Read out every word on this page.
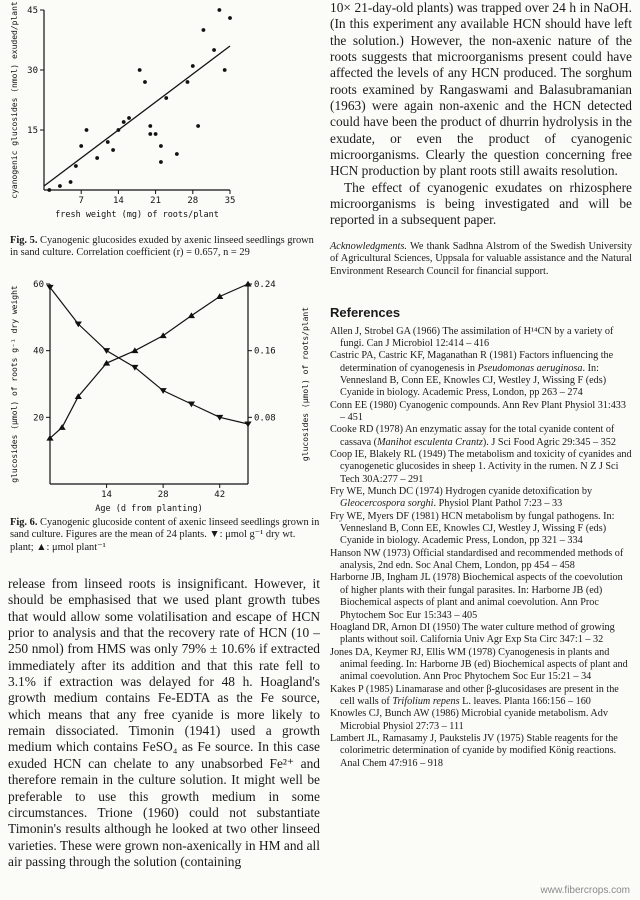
7	14	21	28	35
15
30
45
fresh weight (mg) of roots/plant
cyanogenic glucosides (nmol) exuded/plant

Fig. 5. Cyanogenic glucosides exuded by axenic linseed seedlings grown in sand culture. Correlation coefficient (r) = 0.657, n = 29

14	28	42
20
40
60
0.08
0.16
0.24
Age (d from planting)
glucosides (μmol) of roots g⁻¹ dry weight	glucosides (μmol) of roots/plant

Fig. 6. Cyanogenic glucoside content of axenic linseed seedlings grown in sand culture. Figures are the mean of 24 plants. ▼: μmol g⁻¹ dry wt. plant; ▲: μmol plant⁻¹

release from linseed roots is insignificant. However, it should be emphasised that we used plant growth tubes that would allow some volatilisation and escape of HCN prior to analysis and that the recovery rate of HCN (10 – 250 nmol) from HMS was only 79% ± 10.6% if extracted immediately after its addition and that this rate fell to 3.1% if extraction was delayed for 48 h. Hoagland's growth medium contains Fe-EDTA as the Fe source, which means that any free cyanide is more likely to remain dissociated. Timonin (1941) used a growth medium which contains FeSO₄ as Fe source. In this case exuded HCN can chelate to any unabsorbed Fe²⁺ and therefore remain in the culture solution. It might well be preferable to use this growth medium in some circumstances. Trione (1960) could not substantiate Timonin's results although he looked at two other linseed varieties. These were grown non-axenically in HM and all air passing through the solution (containing

10× 21-day-old plants) was trapped over 24 h in NaOH. (In this experiment any available HCN should have left the solution.) However, the non-axenic nature of the roots suggests that microorganisms present could have affected the levels of any HCN produced. The sorghum roots examined by Rangaswami and Balasubramanian (1963) were again non-axenic and the HCN detected could have been the product of dhurrin hydrolysis in the exudate, or even the product of cyanogenic microorganisms. Clearly the question concerning free HCN production by plant roots still awaits resolution.

The effect of cyanogenic exudates on rhizosphere microorganisms is being investigated and will be reported in a subsequent paper.

Acknowledgments. We thank Sadhna Alstrom of the Swedish University of Agricultural Sciences, Uppsala for valuable assistance and the Natural Environment Research Council for financial support.

References

Allen J, Strobel GA (1966) The assimilation of H¹⁴CN by a variety of fungi. Can J Microbiol 12:414 – 416

Castric PA, Castric KF, Maganathan R (1981) Factors influencing the determination of cyanogenesis in Pseudomonas aeruginosa. In: Vennesland B, Conn EE, Knowles CJ, Westley J, Wissing F (eds) Cyanide in biology. Academic Press, London, pp 263 – 274

Conn EE (1980) Cyanogenic compounds. Ann Rev Plant Physiol 31:433 – 451

Cooke RD (1978) An enzymatic assay for the total cyanide content of cassava (Manihot esculenta Crantz). J Sci Food Agric 29:345 – 352

Coop IE, Blakely RL (1949) The metabolism and toxicity of cyanides and cyanogenetic glucosides in sheep 1. Activity in the rumen. N Z J Sci Tech 30A:277 – 291

Fry WE, Munch DC (1974) Hydrogen cyanide detoxification by Gleocercospora sorghi. Physiol Plant Pathol 7:23 – 33

Fry WE, Myers DF (1981) HCN metabolism by fungal pathogens. In: Vennesland B, Conn EE, Knowles CJ, Westley J, Wissing F (eds) Cyanide in biology. Academic Press, London, pp 321 – 334

Hanson NW (1973) Official standardised and recommended methods of analysis, 2nd edn. Soc Anal Chem, London, pp 454 – 458

Harborne JB, Ingham JL (1978) Biochemical aspects of the coevolution of higher plants with their fungal parasites. In: Harborne JB (ed) Biochemical aspects of plant and animal coevolution. Ann Proc Phytochem Soc Eur 15:343 – 405

Hoagland DR, Arnon DI (1950) The water culture method of growing plants without soil. California Univ Agr Exp Sta Circ 347:1 – 32

Jones DA, Keymer RJ, Ellis WM (1978) Cyanogenesis in plants and animal feeding. In: Harborne JB (ed) Biochemical aspects of plant and animal coevolution. Ann Proc Phytochem Soc Eur 15:21 – 34

Kakes P (1985) Linamarase and other β-glucosidases are present in the cell walls of Trifolium repens L. leaves. Planta 166:156 – 160

Knowles CJ, Bunch AW (1986) Microbial cyanide metabolism. Adv Microbial Physiol 27:73 – 111

Lambert JL, Ramasamy J, Paukstelis JV (1975) Stable reagents for the colorimetric determination of cyanide by modified König reactions. Anal Chem 47:916 – 918

www.fibercrops.com
